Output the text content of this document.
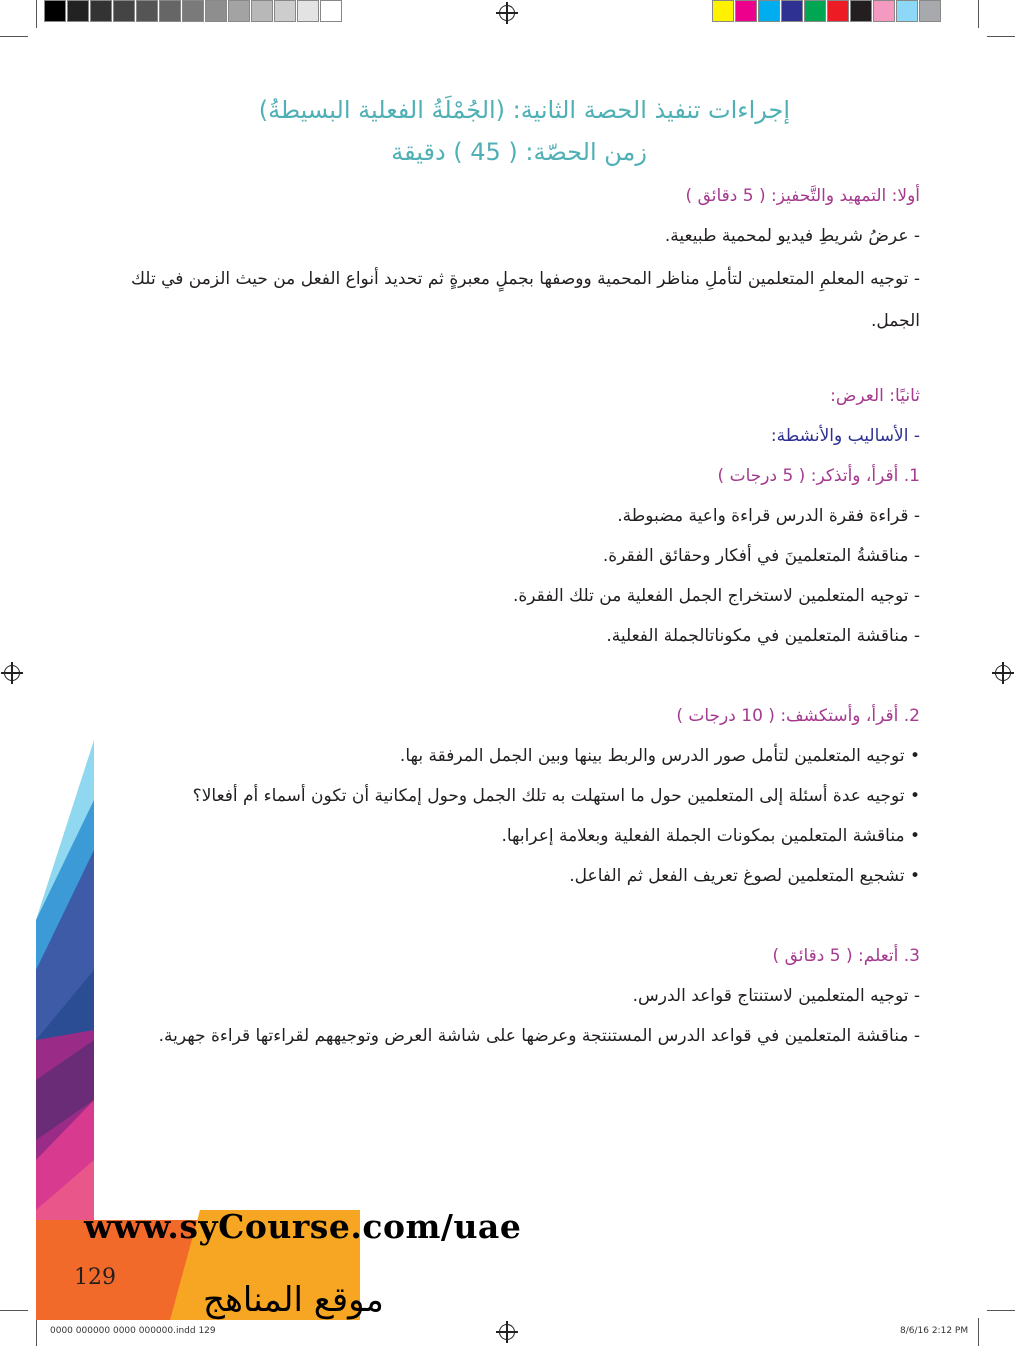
إجراءات تنفيذ الحصة الثانية: (الجُمْلَةُ الفعلية البسيطةُ)
زمن الحصّة: ( 45 ) دقيقة
أولا: التمهيد والتَّحفيز: ( 5 دقائق )
- عرضُ شريطِ فيديو لمحمية طبيعية.
- توجيه المعلمِ المتعلمين لتأملِ مناظر المحمية ووصفها بجملٍ معبرةٍ ثم تحديد أنواع الفعل من حيث الزمن في تلك الجمل.
ثانيًا: العرض:
- الأساليب والأنشطة:
1. أقرأ، وأتذكر: ( 5 درجات )
- قراءة فقرة الدرس قراءة واعية مضبوطة.
- مناقشةُ المتعلمينَ في أفكار وحقائق الفقرة.
- توجيه المتعلمين لاستخراج الجمل الفعلية من تلك الفقرة.
- مناقشة المتعلمين في مكوناتالجملة الفعلية.
2. أقرأ، وأستكشف: ( 10 درجات )
• توجيه المتعلمين لتأمل صور الدرس والربط بينها وبين الجمل المرفقة بها.
• توجيه عدة أسئلة إلى المتعلمين حول ما استهلت به تلك الجمل وحول إمكانية أن تكون أسماء أم أفعالا؟
• مناقشة المتعلمين بمكونات الجملة الفعلية وبعلامة إعرابها.
• تشجيع المتعلمين لصوغ تعريف الفعل ثم الفاعل.
3. أتعلم: ( 5 دقائق )
- توجيه المتعلمين لاستنتاج قواعد الدرس.
- مناقشة المتعلمين في قواعد الدرس المستنتجة وعرضها على شاشة العرض وتوجيههم لقراءتها قراءة جهرية.
www.syCourse.com/uae
129
موقع المناهج
0000 000000 0000 000000.indd 129	8/6/16 2:12 PM
